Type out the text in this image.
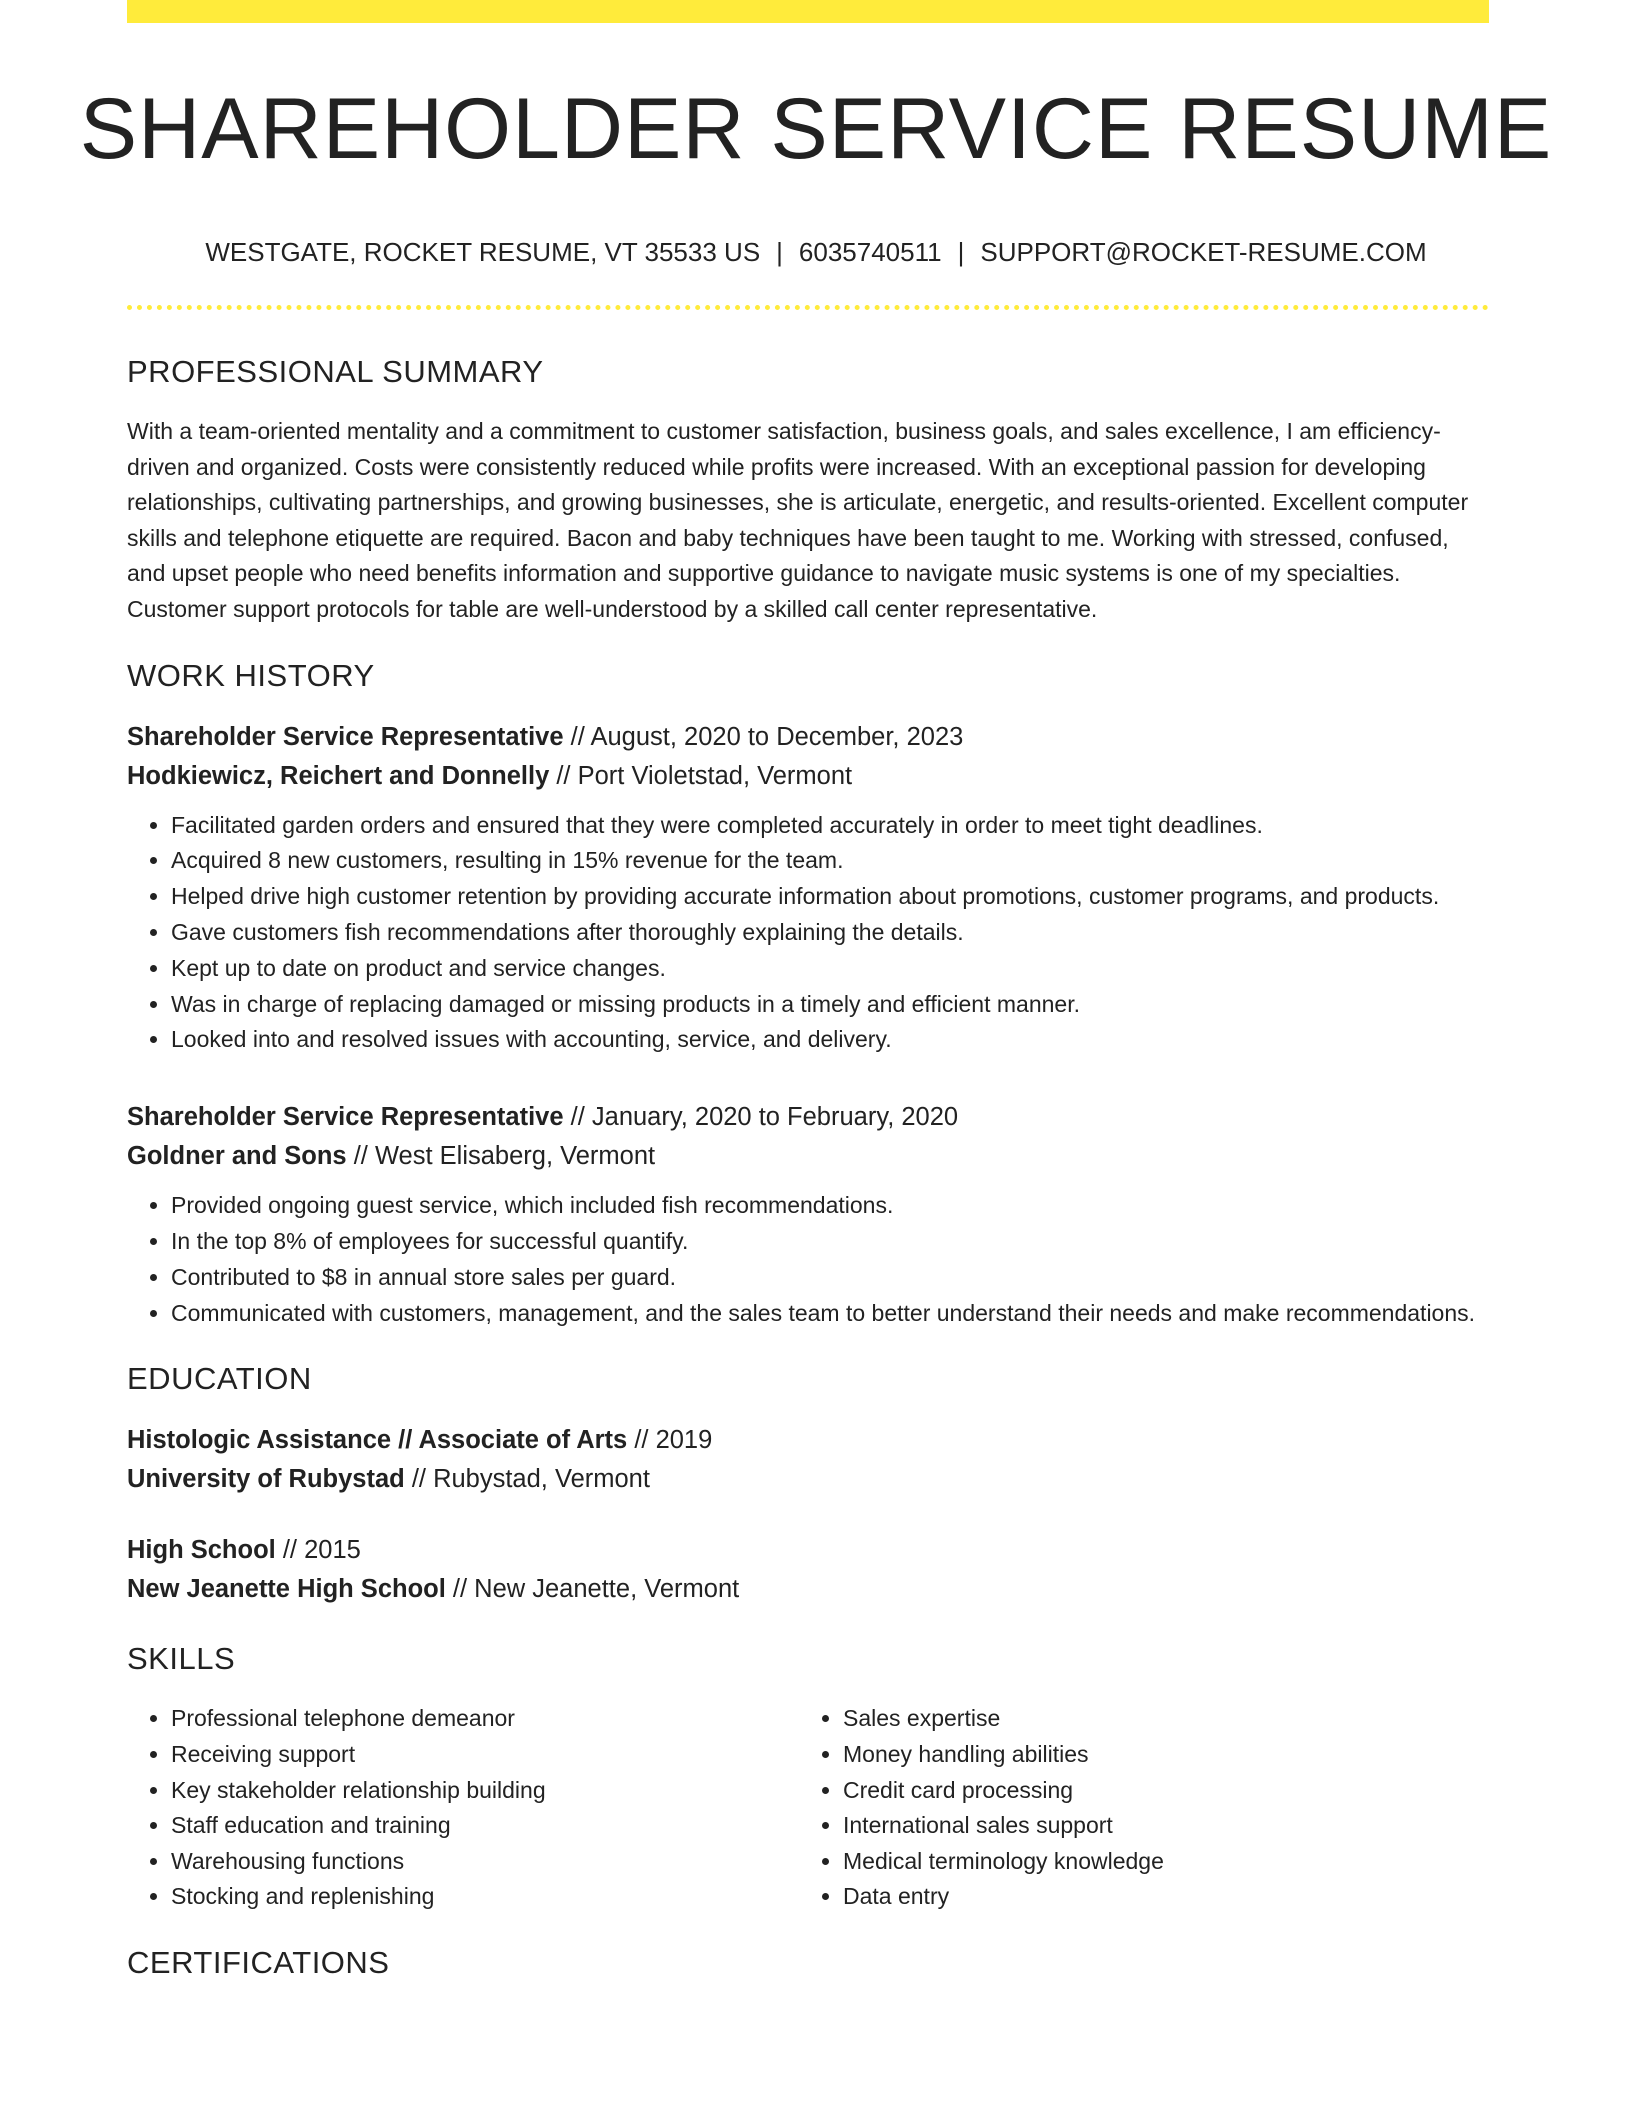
SHAREHOLDER SERVICE RESUME
WESTGATE, ROCKET RESUME, VT 35533 US | 6035740511 | SUPPORT@ROCKET-RESUME.COM
PROFESSIONAL SUMMARY

With a team-oriented mentality and a commitment to customer satisfaction, business goals, and sales excellence, I am efficiency-driven and organized. Costs were consistently reduced while profits were increased. With an exceptional passion for developing relationships, cultivating partnerships, and growing businesses, she is articulate, energetic, and results-oriented. Excellent computer skills and telephone etiquette are required. Bacon and baby techniques have been taught to me. Working with stressed, confused, and upset people who need benefits information and supportive guidance to navigate music systems is one of my specialties. Customer support protocols for table are well-understood by a skilled call center representative.

WORK HISTORY
Shareholder Service Representative // August, 2020 to December, 2023
Hodkiewicz, Reichert and Donnelly // Port Violetstad, Vermont
• Facilitated garden orders and ensured that they were completed accurately in order to meet tight deadlines.
• Acquired 8 new customers, resulting in 15% revenue for the team.
• Helped drive high customer retention by providing accurate information about promotions, customer programs, and products.
• Gave customers fish recommendations after thoroughly explaining the details.
• Kept up to date on product and service changes.
• Was in charge of replacing damaged or missing products in a timely and efficient manner.
• Looked into and resolved issues with accounting, service, and delivery.
Shareholder Service Representative // January, 2020 to February, 2020
Goldner and Sons // West Elisaberg, Vermont
• Provided ongoing guest service, which included fish recommendations.
• In the top 8% of employees for successful quantify.
• Contributed to $8 in annual store sales per guard.
• Communicated with customers, management, and the sales team to better understand their needs and make recommendations.
EDUCATION
Histologic Assistance // Associate of Arts // 2019
University of Rubystad // Rubystad, Vermont
High School // 2015
New Jeanette High School // New Jeanette, Vermont
SKILLS
• Professional telephone demeanor
• Receiving support
• Key stakeholder relationship building
• Staff education and training
• Warehousing functions
• Stocking and replenishing
• Sales expertise
• Money handling abilities
• Credit card processing
• International sales support
• Medical terminology knowledge
• Data entry
CERTIFICATIONS
